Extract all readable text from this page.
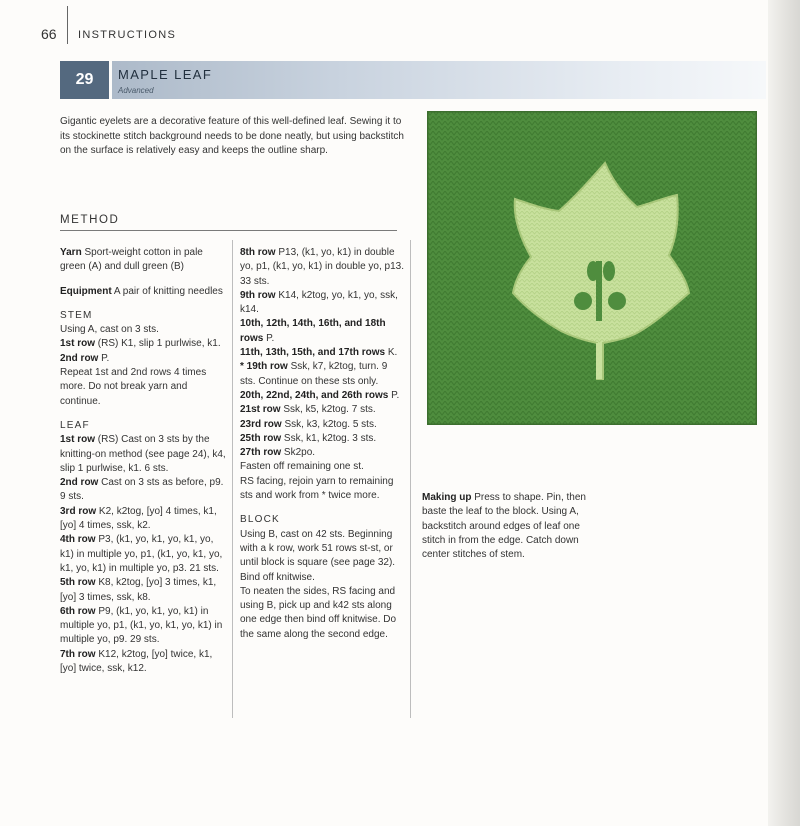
66 INSTRUCTIONS
29	MAPLE LEAF
Advanced
Gigantic eyelets are a decorative feature of this well-defined leaf. Sewing it to its stockinette stitch background needs to be done neatly, but using backstitch on the surface is relatively easy and keeps the outline sharp.
METHOD

Yarn Sport-weight cotton in pale green (A) and dull green (B)

Equipment A pair of knitting needles

STEM

Using A, cast on 3 sts.

1st row (RS) K1, slip 1 purlwise, k1.

2nd row P.

Repeat 1st and 2nd rows 4 times more. Do not break yarn and continue.

LEAF

1st row (RS) Cast on 3 sts by the knitting-on method (see page 24), k4, slip 1 purlwise, k1. 6 sts.

2nd row Cast on 3 sts as before, p9. 9 sts.

3rd row K2, k2tog, [yo] 4 times, k1, [yo] 4 times, ssk, k2.

4th row P3, (k1, yo, k1, yo, k1, yo, k1) in multiple yo, p1, (k1, yo, k1, yo, k1, yo, k1) in multiple yo, p3. 21 sts.

5th row K8, k2tog, [yo] 3 times, k1, [yo] 3 times, ssk, k8.

6th row P9, (k1, yo, k1, yo, k1) in multiple yo, p1, (k1, yo, k1, yo, k1) in multiple yo, p9. 29 sts.

7th row K12, k2tog, [yo] twice, k1, [yo] twice, ssk, k12.

8th row P13, (k1, yo, k1) in double yo, p1, (k1, yo, k1) in double yo, p13. 33 sts.

9th row K14, k2tog, yo, k1, yo, ssk, k14.

10th, 12th, 14th, 16th, and 18th rows P.

11th, 13th, 15th, and 17th rows K.

* 19th row Ssk, k7, k2tog, turn. 9 sts. Continue on these sts only.

20th, 22nd, 24th, and 26th rows P.

21st row Ssk, k5, k2tog. 7 sts.

23rd row Ssk, k3, k2tog. 5 sts.

25th row Ssk, k1, k2tog. 3 sts.

27th row Sk2po.

Fasten off remaining one st.

RS facing, rejoin yarn to remaining sts and work from * twice more.

BLOCK

Using B, cast on 42 sts. Beginning with a k row, work 51 rows st-st, or until block is square (see page 32).

Bind off knitwise.

To neaten the sides, RS facing and using B, pick up and k42 sts along one edge then bind off knitwise. Do the same along the second edge.

Making up Press to shape. Pin, then baste the leaf to the block. Using A, backstitch around edges of leaf one stitch in from the edge. Catch down center stitches of stem.
